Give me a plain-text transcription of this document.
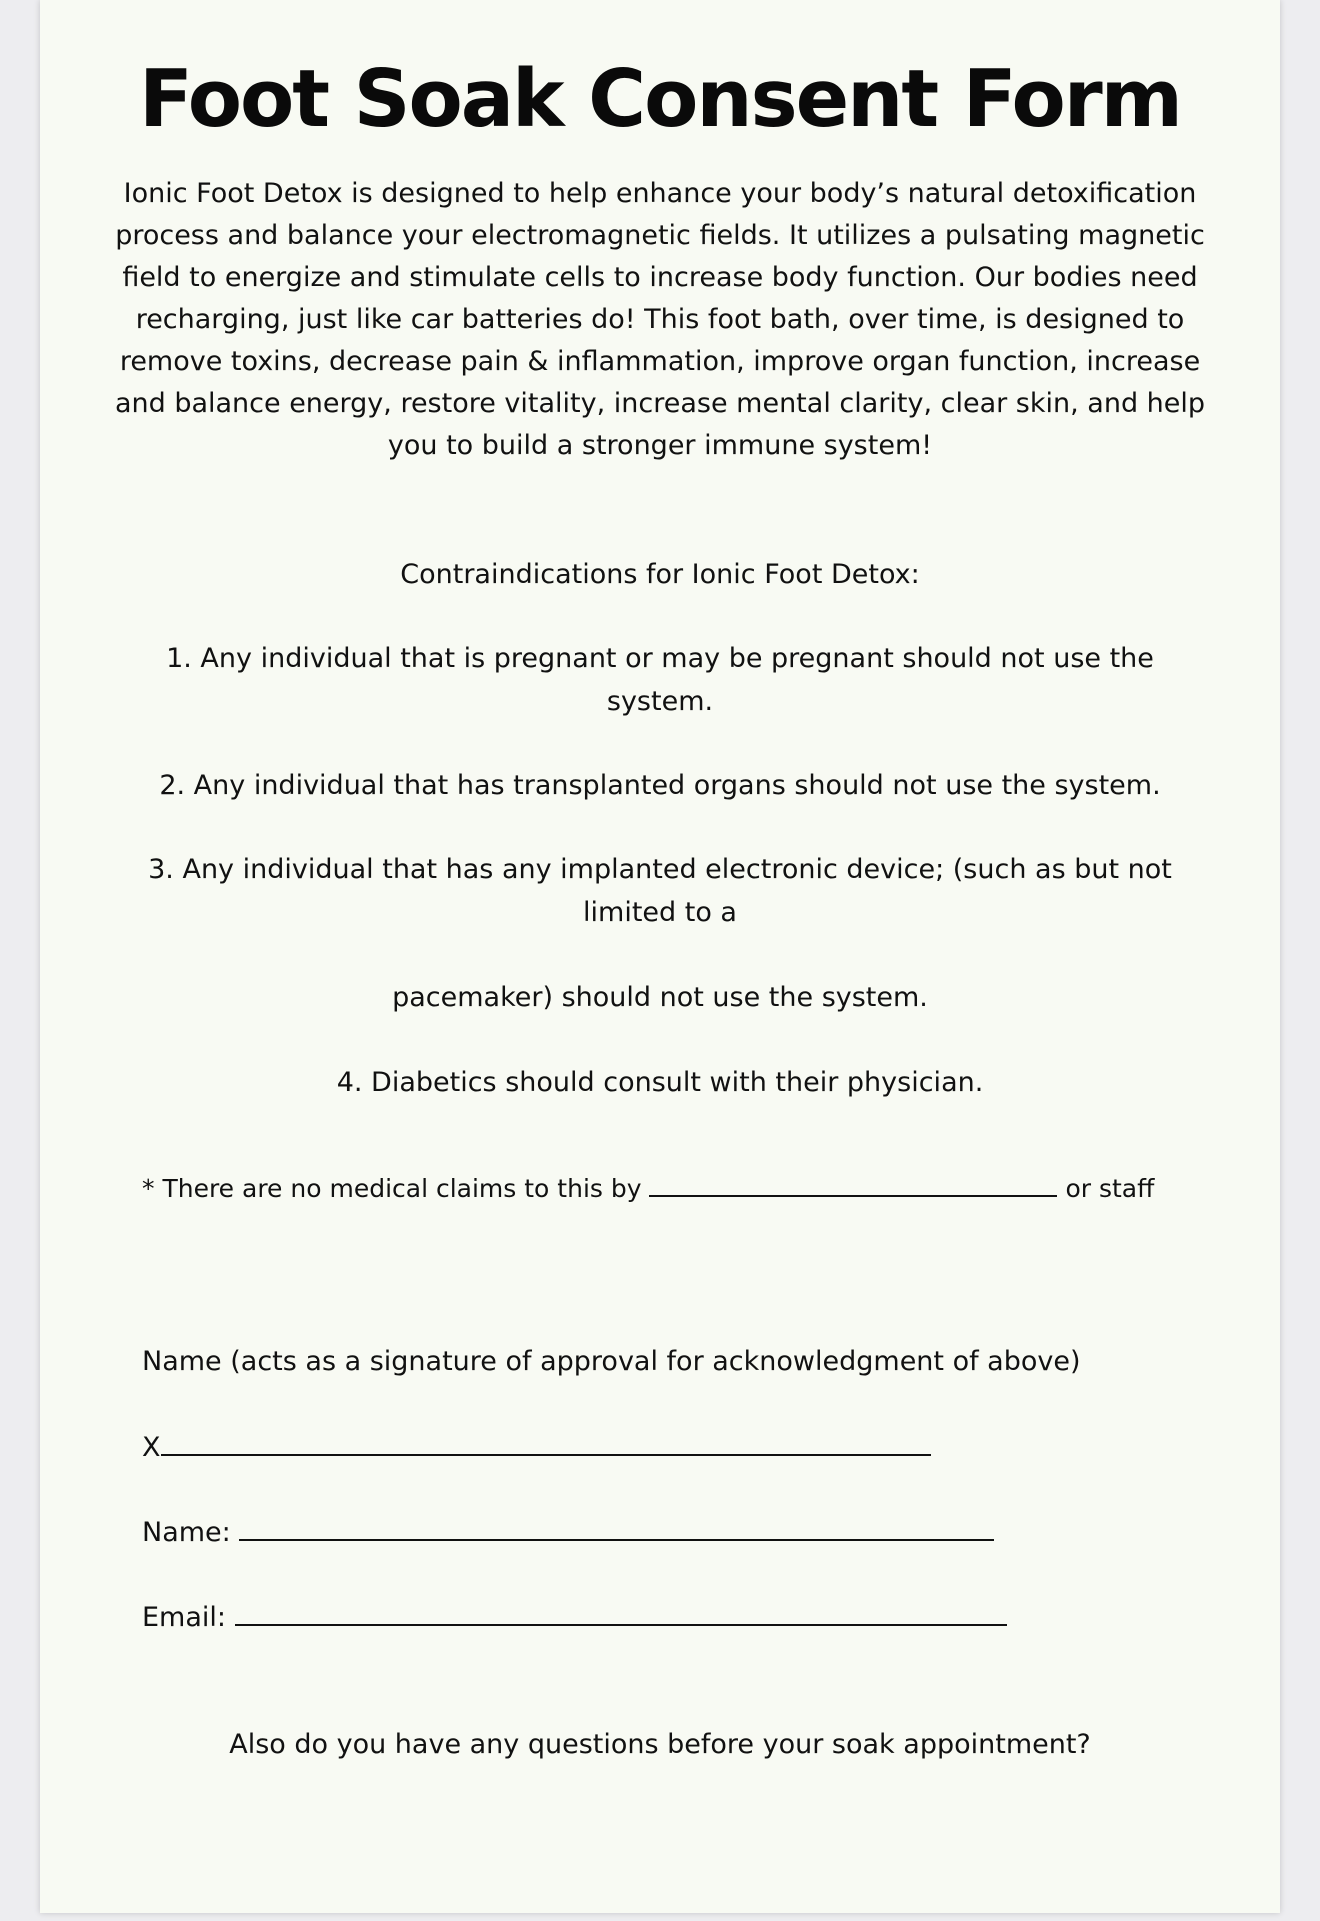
Foot Soak Consent Form

Ionic Foot Detox is designed to help enhance your body’s natural detoxification process and balance your electromagnetic fields. It utilizes a pulsating magnetic field to energize and stimulate cells to increase body function. Our bodies need recharging, just like car batteries do! This foot bath, over time, is designed to remove toxins, decrease pain & inflammation, improve organ function, increase and balance energy, restore vitality, increase mental clarity, clear skin, and help you to build a stronger immune system!

Contraindications for Ionic Foot Detox:

1. Any individual that is pregnant or may be pregnant should not use the system.

2. Any individual that has transplanted organs should not use the system.

3. Any individual that has any implanted electronic device; (such as but not limited to a

pacemaker) should not use the system.

4. Diabetics should consult with their physician.

* There are no medical claims to this by	or staff

Name (acts as a signature of approval for acknowledgment of above)

X
Name:
Email:

Also do you have any questions before your soak appointment?
